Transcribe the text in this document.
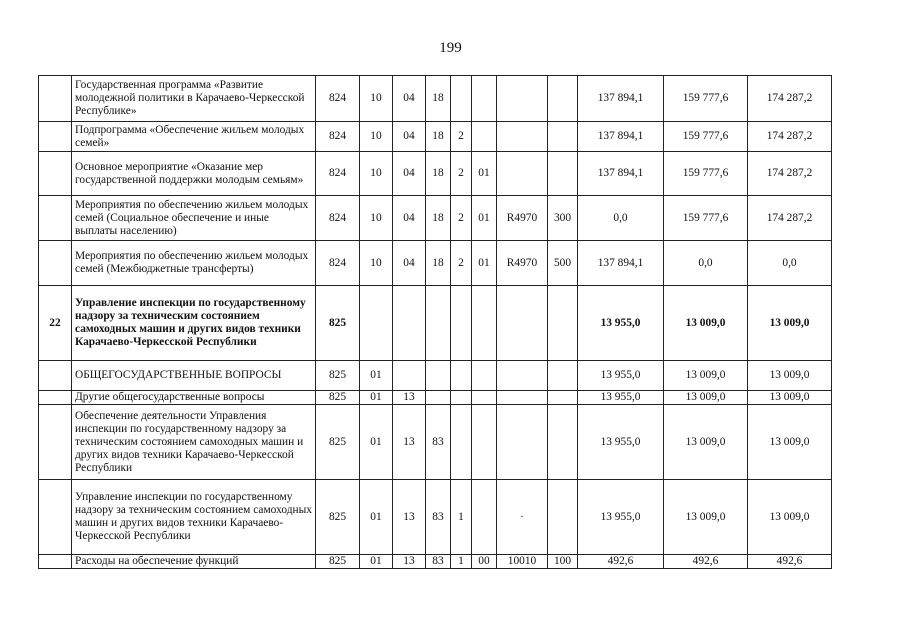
199
	Государственная программа «Развитие молодежной политики в Карачаево-Черкесской Республике»	824	10	04	18					137 894,1	159 777,6	174 287,2
	Подпрограмма «Обеспечение жильем молодых семей»	824	10	04	18	2				137 894,1	159 777,6	174 287,2
	Основное мероприятие «Оказание мер государственной поддержки молодым семьям»	824	10	04	18	2	01			137 894,1	159 777,6	174 287,2
	Мероприятия по обеспечению жильем молодых семей (Социальное обеспечение и иные выплаты населению)	824	10	04	18	2	01	R4970	300	0,0	159 777,6	174 287,2
	Мероприятия по обеспечению жильем молодых семей (Межбюджетные трансферты)	824	10	04	18	2	01	R4970	500	137 894,1	0,0	0,0
22	Управление инспекции по государственному надзору за техническим состоянием самоходных машин и других видов техники Карачаево-Черкесской Республики	825								13 955,0	13 009,0	13 009,0
	ОБЩЕГОСУДАРСТВЕННЫЕ ВОПРОСЫ	825	01							13 955,0	13 009,0	13 009,0
	Другие общегосударственные вопросы	825	01	13						13 955,0	13 009,0	13 009,0
	Обеспечение деятельности Управления инспекции по государственному надзору за техническим состоянием самоходных машин и других видов техники Карачаево-Черкесской Республики	825	01	13	83					13 955,0	13 009,0	13 009,0
	Управление инспекции по государственному надзору за техническим состоянием самоходных машин и других видов техники Карачаево-Черкесской Республики	825	01	13	83	1		·		13 955,0	13 009,0	13 009,0
	Расходы на обеспечение функций	825	01	13	83	1	00	10010	100	492,6	492,6	492,6
